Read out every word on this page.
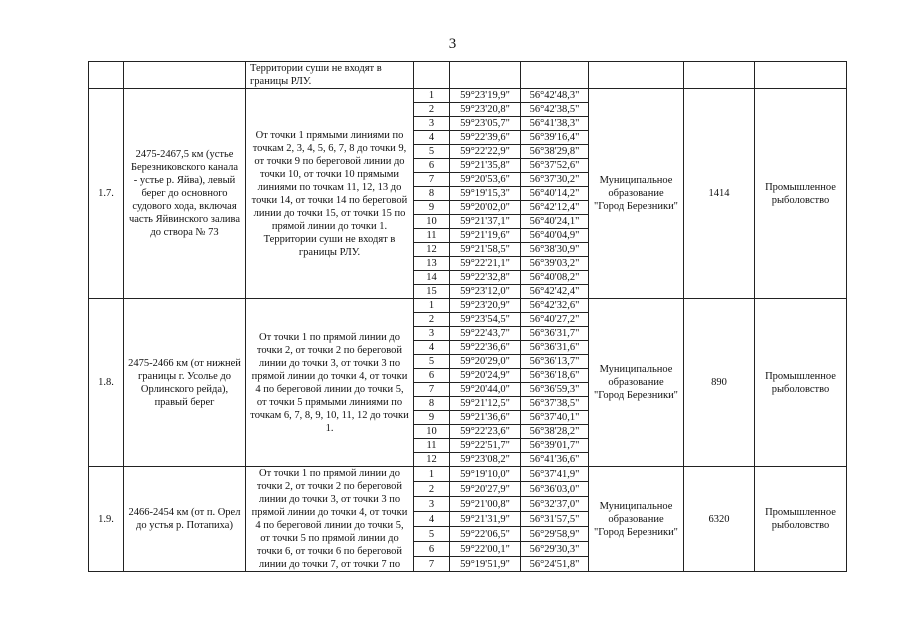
3
		Территории суши не входят в границы РЛУ.						
1.7.	2475-2467,5 км (устье Березниковского канала - устье р. Яйва), левый берег до основного судового хода, включая часть Яйвинского залива до створа № 73	От точки 1 прямыми линиями по точкам 2, 3, 4, 5, 6, 7, 8 до точки 9, от точки 9 по береговой линии до точки 10, от точки 10 прямыми линиями по точкам 11, 12, 13 до точки 14, от точки 14 по береговой линии до точки 15, от точки 15 по прямой линии до точки 1. Территории суши не входят в границы РЛУ.	1	59°23'19,9"	56°42'48,3"	Муниципальное образование "Город Березники"	1414	Промышленное рыболовство
			2	59°23'20,8"	56°42'38,5"			
			3	59°23'05,7"	56°41'38,3"			
			4	59°22'39,6"	56°39'16,4"			
			5	59°22'22,9"	56°38'29,8"			
			6	59°21'35,8"	56°37'52,6"			
			7	59°20'53,6"	56°37'30,2"			
			8	59°19'15,3"	56°40'14,2"			
			9	59°20'02,0"	56°42'12,4"			
			10	59°21'37,1"	56°40'24,1"			
			11	59°21'19,6"	56°40'04,9"			
			12	59°21'58,5"	56°38'30,9"			
			13	59°22'21,1"	56°39'03,2"			
			14	59°22'32,8"	56°40'08,2"			
			15	59°23'12,0"	56°42'42,4"			
1.8.	2475-2466 км (от нижней границы г. Усолье до Орлинского рейда), правый берег	От точки 1 по прямой линии до точки 2, от точки 2 по береговой линии до точки 3, от точки 3 по прямой линии до точки 4, от точки 4 по береговой линии до точки 5, от точки 5 прямыми линиями по точкам 6, 7, 8, 9, 10, 11, 12 до точки 1.	1	59°23'20,9"	56°42'32,6"	Муниципальное образование "Город Березники"	890	Промышленное рыболовство
			2	59°23'54,5"	56°40'27,2"			
			3	59°22'43,7"	56°36'31,7"			
			4	59°22'36,6"	56°36'31,6"			
			5	59°20'29,0"	56°36'13,7"			
			6	59°20'24,9"	56°36'18,6"			
			7	59°20'44,0"	56°36'59,3"			
			8	59°21'12,5"	56°37'38,5"			
			9	59°21'36,6"	56°37'40,1"			
			10	59°22'23,6"	56°38'28,2"			
			11	59°22'51,7"	56°39'01,7"			
			12	59°23'08,2"	56°41'36,6"			
1.9.	2466-2454 км (от п. Орел до устья р. Потапиха)	От точки 1 по прямой линии до точки 2, от точки 2 по береговой линии до точки 3, от точки 3 по прямой линии до точки 4, от точки 4 по береговой линии до точки 5, от точки 5 по прямой линии до точки 6, от точки 6 по береговой линии до точки 7, от точки 7 по	1	59°19'10,0"	56°37'41,9"	Муниципальное образование "Город Березники"	6320	Промышленное рыболовство
			2	59°20'27,9"	56°36'03,0"			
			3	59°21'00,8"	56°32'37,0"			
			4	59°21'31,9"	56°31'57,5"			
			5	59°22'06,5"	56°29'58,9"			
			6	59°22'00,1"	56°29'30,3"			
			7	59°19'51,9"	56°24'51,8"			
